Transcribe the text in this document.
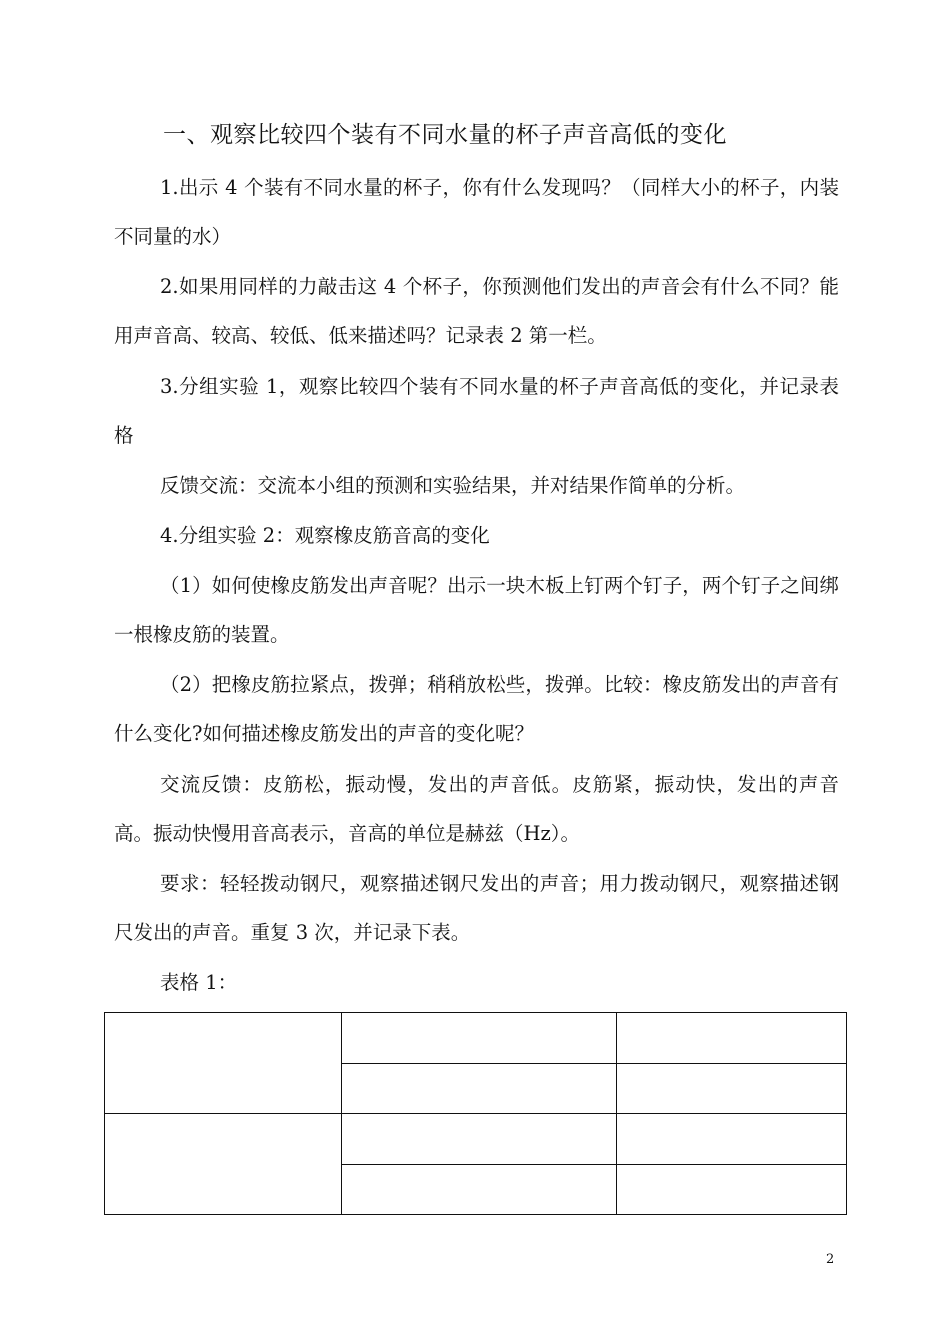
一、观察比较四个装有不同水量的杯子声音高低的变化
1.出示 4 个装有不同水量的杯子，你有什么发现吗？（同样大小的杯子，内装不同量的水）
2.如果用同样的力敲击这 4 个杯子，你预测他们发出的声音会有什么不同？能用声音高、较高、较低、低来描述吗？记录表 2 第一栏。
3.分组实验 1，观察比较四个装有不同水量的杯子声音高低的变化，并记录表格
反馈交流：交流本小组的预测和实验结果，并对结果作简单的分析。
4.分组实验 2：观察橡皮筋音高的变化
（1）如何使橡皮筋发出声音呢？出示一块木板上钉两个钉子，两个钉子之间绑一根橡皮筋的装置。
（2）把橡皮筋拉紧点，拨弹；稍稍放松些，拨弹。比较：橡皮筋发出的声音有什么变化?如何描述橡皮筋发出的声音的变化呢？
交流反馈：皮筋松，振动慢，发出的声音低。皮筋紧，振动快，发出的声音高。振动快慢用音高表示，音高的单位是赫兹（Hz）。
要求：轻轻拨动钢尺，观察描述钢尺发出的声音；用力拨动钢尺，观察描述钢尺发出的声音。重复 3 次，并记录下表。
表格 1：

2
